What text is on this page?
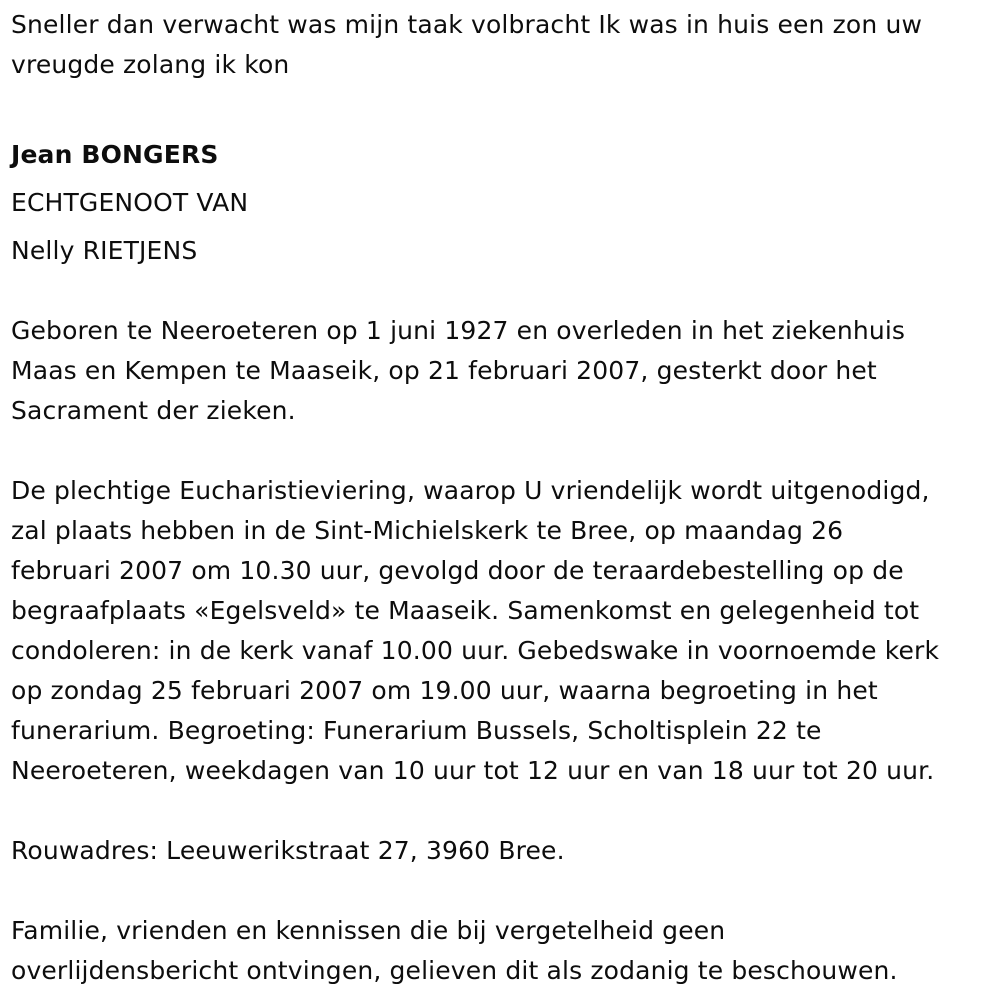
Sneller dan verwacht was mijn taak volbracht Ik was in huis een zon uw
vreugde zolang ik kon

Jean BONGERS

ECHTGENOOT VAN

Nelly RIETJENS

Geboren te Neeroeteren op 1 juni 1927 en overleden in het ziekenhuis
Maas en Kempen te Maaseik, op 21 februari 2007, gesterkt door het
Sacrament der zieken.

De plechtige Eucharistieviering, waarop U vriendelijk wordt uitgenodigd,
zal plaats hebben in de Sint-Michielskerk te Bree, op maandag 26
februari 2007 om 10.30 uur, gevolgd door de teraardebestelling op de
begraafplaats «Egelsveld» te Maaseik. Samenkomst en gelegenheid tot
condoleren: in de kerk vanaf 10.00 uur. Gebedswake in voornoemde kerk
op zondag 25 februari 2007 om 19.00 uur, waarna begroeting in het
funerarium. Begroeting: Funerarium Bussels, Scholtisplein 22 te
Neeroeteren, weekdagen van 10 uur tot 12 uur en van 18 uur tot 20 uur.

Rouwadres: Leeuwerikstraat 27, 3960 Bree.

Familie, vrienden en kennissen die bij vergetelheid geen
overlijdensbericht ontvingen, gelieven dit als zodanig te beschouwen.
